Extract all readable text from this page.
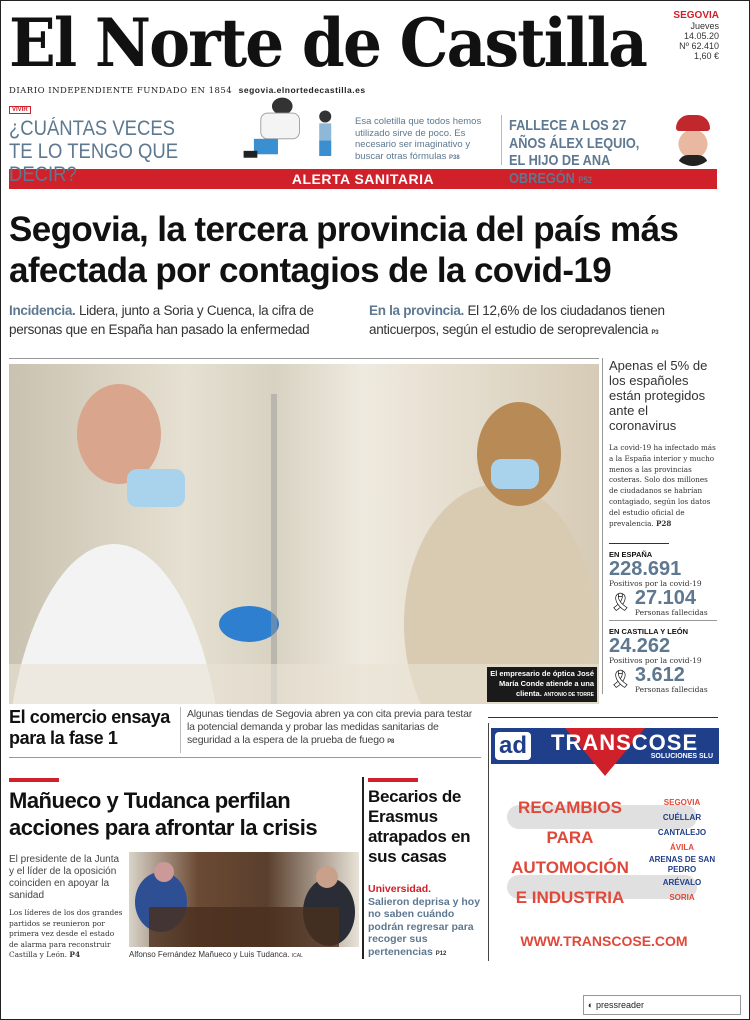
El Norte de Castilla	SEGOVIA
Jueves
14.05.20
Nº 62.410
1,60 €
DIARIO INDEPENDIENTE FUNDADO EN 1854 segovia.elnortedecastilla.es
VIVIR
¿CUÁNTAS VECES TE LO TENGO QUE DECIR?
Esa coletilla que todos hemos utilizado sirve de poco. Es necesario ser imaginativo y buscar otras fórmulas P38
FALLECE A LOS 27 AÑOS ÁLEX LEQUIO, EL HIJO DE ANA OBREGÓN P52
ALERTA SANITARIA
Segovia, la tercera provincia del país más afectada por contagios de la covid-19
Incidencia. Lidera, junto a Soria y Cuenca, la cifra de personas que en España han pasado la enfermedad
En la provincia. El 12,6% de los ciudadanos tienen anticuerpos, según el estudio de seroprevalencia P3
El empresario de óptica José María Conde atiende a una clienta. ANTONIO DE TORRE
Apenas el 5% de los españoles están protegidos ante el coronavirus
La covid-19 ha infectado más a la España interior y mucho menos a las provincias costeras. Solo dos millones de ciudadanos se habrían contagiado, según los datos del estudio oficial de prevalencia. P28
EN ESPAÑA
228.691
Positivos por la covid-19
🎗 27.104
Personas fallecidas
EN CASTILLA Y LEÓN
24.262
Positivos por la covid-19
🎗 3.612
Personas fallecidas
El comercio ensaya para la fase 1
Algunas tiendas de Segovia abren ya con cita previa para testar la potencial demanda y probar las medidas sanitarias de seguridad a la espera de la prueba de fuego P8
Mañueco y Tudanca perfilan acciones para afrontar la crisis
El presidente de la Junta y el líder de la oposición coinciden en apoyar la sanidad
Los líderes de los dos grandes partidos se reunieron por primera vez desde el estado de alarma para reconstruir Castilla y León. P4	Alfonso Fernández Mañueco y Luis Tudanca. ICAL
Becarios de Erasmus atrapados en sus casas
Universidad.
Salieron deprisa y hoy no saben cuándo podrán regresar para recoger sus pertenencias P12
ad TRANSCOSE
SOLUCIONES SLU
RECAMBIOS
PARA
AUTOMOCIÓN
E INDUSTRIA
SEGOVIA
CUÉLLAR
CANTALEJO
ÁVILA
ARENAS DE SAN PEDRO
ARÉVALO
SORIA
WWW.TRANSCOSE.COM
◐ pressreader
